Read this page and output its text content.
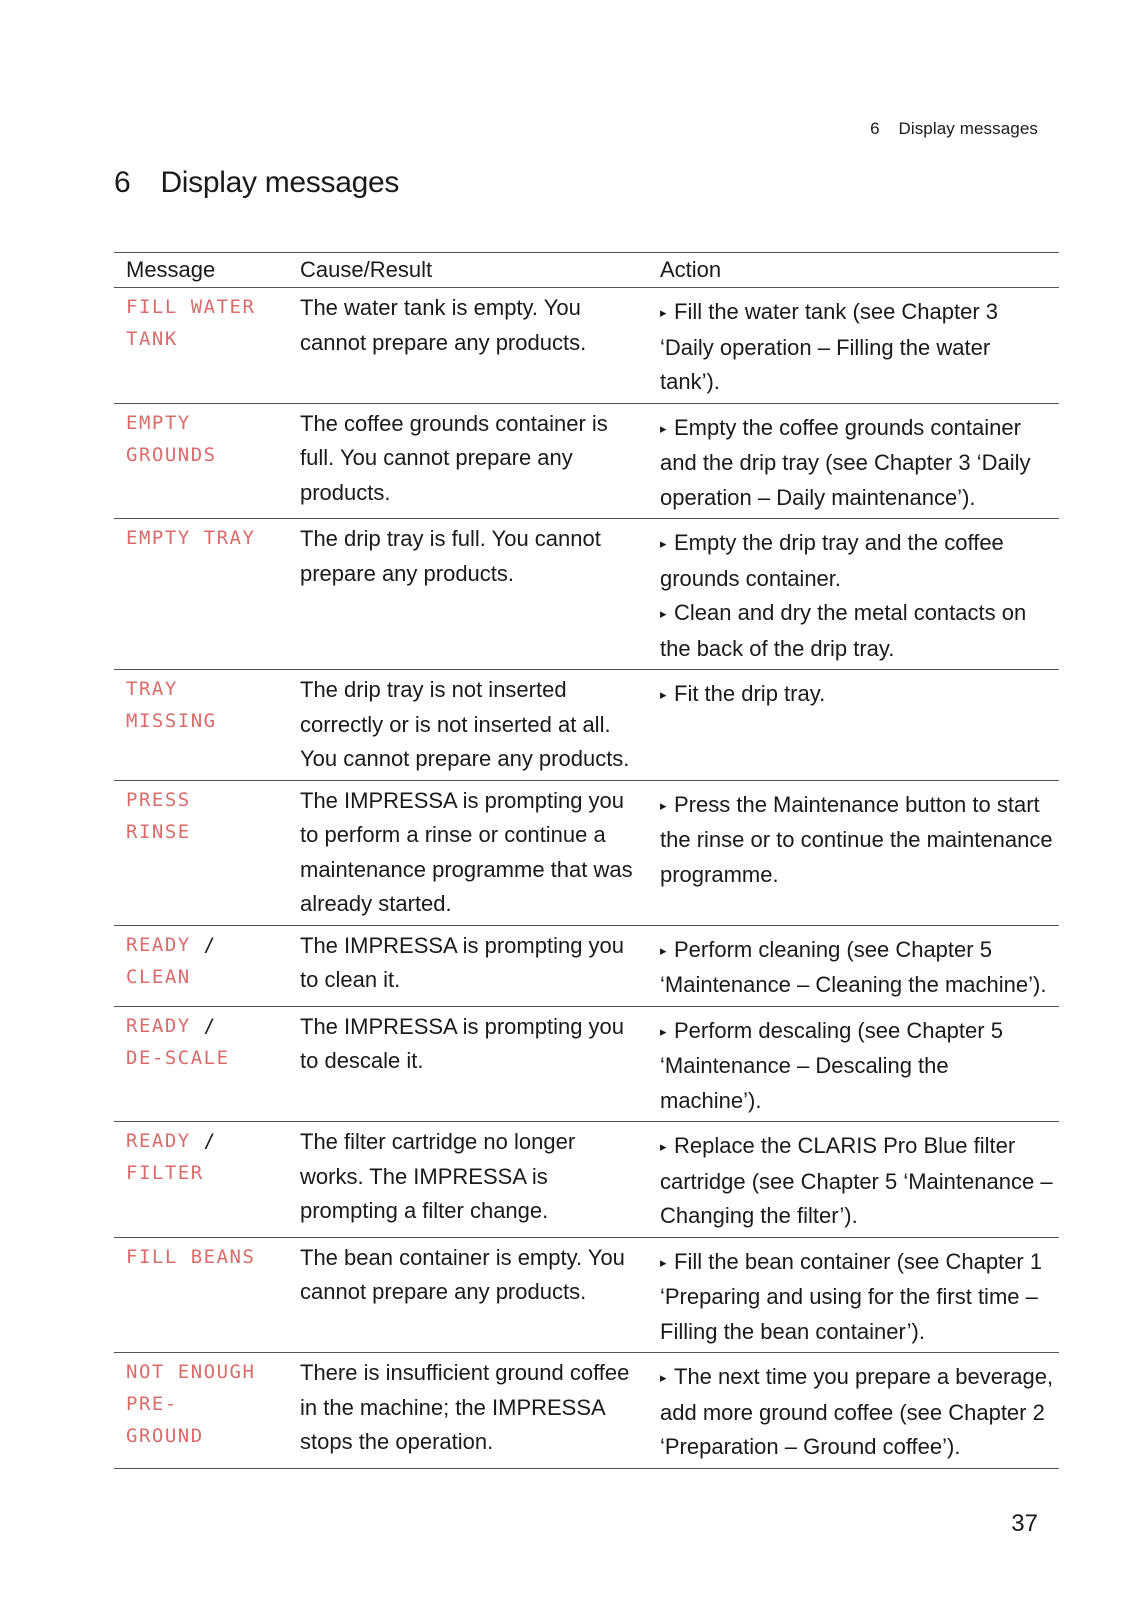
6 Display messages
6 Display messages
Message	Cause/Result	Action

FILL WATER
TANK	The water tank is empty. You cannot prepare any products.	▸ Fill the water tank (see Chapter 3 ‘Daily operation – Filling the water tank’).

EMPTY
GROUNDS	The coffee grounds container is full. You cannot prepare any products.	▸ Empty the coffee grounds container and the drip tray (see Chapter 3 ‘Daily operation – Daily maintenance’).

EMPTY TRAY	The drip tray is full. You cannot prepare any products.	▸ Empty the drip tray and the coffee grounds container.
▸ Clean and dry the metal contacts on the back of the drip tray.

TRAY
MISSING	The drip tray is not inserted correctly or is not inserted at all. You cannot prepare any products.	▸ Fit the drip tray.

PRESS
RINSE	The IMPRESSA is prompting you to perform a rinse or continue a maintenance programme that was already started.	▸ Press the Maintenance button to start the rinse or to continue the maintenance programme.

READY /
CLEAN	The IMPRESSA is prompting you to clean it.	▸ Perform cleaning (see Chapter 5 ‘Maintenance – Cleaning the machine’).

READY /
DE-SCALE	The IMPRESSA is prompting you to descale it.	▸ Perform descaling (see Chapter 5 ‘Maintenance – Descaling the machine’).

READY /
FILTER	The filter cartridge no longer works. The IMPRESSA is prompting a filter change.	▸ Replace the CLARIS Pro Blue filter cartridge (see Chapter 5 ‘Maintenance – Changing the filter’).

FILL BEANS	The bean container is empty. You cannot prepare any products.	▸ Fill the bean container (see Chapter 1 ‘Preparing and using for the first time – Filling the bean container’).

NOT ENOUGH
PRE-
GROUND	There is insufficient ground coffee in the machine; the IMPRESSA stops the operation.	▸ The next time you prepare a beverage, add more ground coffee (see Chapter 2 ‘Preparation – Ground coffee’).
37
